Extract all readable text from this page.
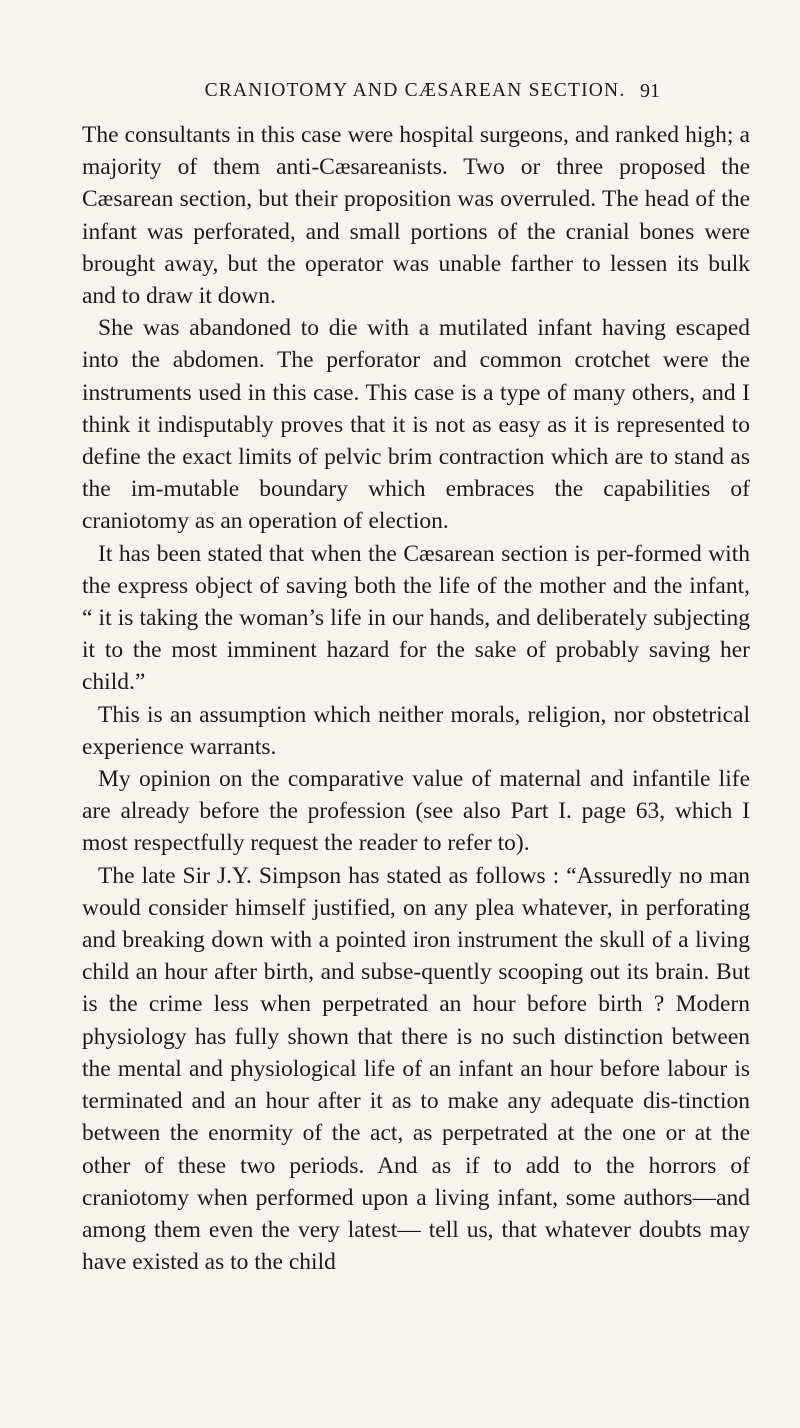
CRANIOTOMY AND CÆSAREAN SECTION. 91

The consultants in this case were hospital surgeons, and ranked high; a majority of them anti-Cæsareanists. Two or three proposed the Cæsarean section, but their proposition was overruled. The head of the infant was perforated, and small portions of the cranial bones were brought away, but the operator was unable farther to lessen its bulk and to draw it down.

She was abandoned to die with a mutilated infant having escaped into the abdomen. The perforator and common crotchet were the instruments used in this case. This case is a type of many others, and I think it indisputably proves that it is not as easy as it is represented to define the exact limits of pelvic brim contraction which are to stand as the im-mutable boundary which embraces the capabilities of craniotomy as an operation of election.

It has been stated that when the Cæsarean section is per-formed with the express object of saving both the life of the mother and the infant, “ it is taking the woman’s life in our hands, and deliberately subjecting it to the most imminent hazard for the sake of probably saving her child.”

This is an assumption which neither morals, religion, nor obstetrical experience warrants.

My opinion on the comparative value of maternal and infantile life are already before the profession (see also Part I. page 63, which I most respectfully request the reader to refer to).

The late Sir J.Y. Simpson has stated as follows : “Assuredly no man would consider himself justified, on any plea whatever, in perforating and breaking down with a pointed iron instrument the skull of a living child an hour after birth, and subse-quently scooping out its brain. But is the crime less when perpetrated an hour before birth ? Modern physiology has fully shown that there is no such distinction between the mental and physiological life of an infant an hour before labour is terminated and an hour after it as to make any adequate dis-tinction between the enormity of the act, as perpetrated at the one or at the other of these two periods. And as if to add to the horrors of craniotomy when performed upon a living infant, some authors—and among them even the very latest— tell us, that whatever doubts may have existed as to the child
